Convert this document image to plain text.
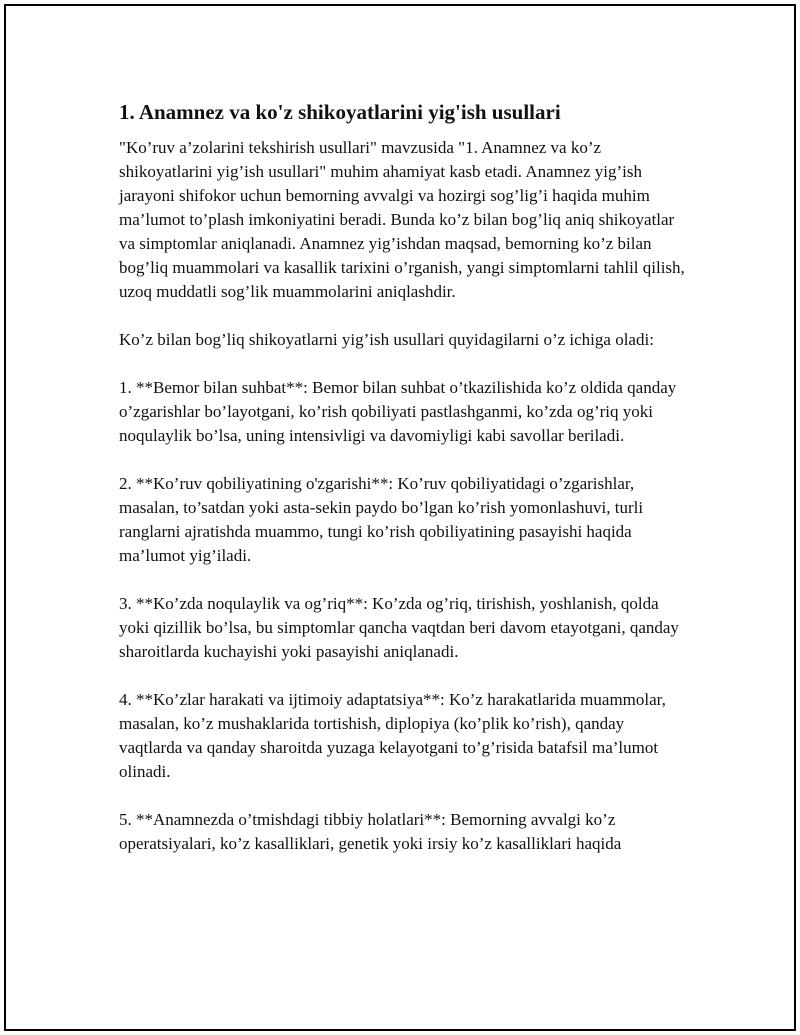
1. Anamnez va ko'z shikoyatlarini yig'ish usullari

"Ko’ruv a’zolarini tekshirish usullari" mavzusida "1. Anamnez va ko’z shikoyatlarini yig’ish usullari" muhim ahamiyat kasb etadi. Anamnez yig’ish jarayoni shifokor uchun bemorning avvalgi va hozirgi sog’lig’i haqida muhim ma’lumot to’plash imkoniyatini beradi. Bunda ko’z bilan bog’liq aniq shikoyatlar va simptomlar aniqlanadi. Anamnez yig’ishdan maqsad, bemorning ko’z bilan bog’liq muammolari va kasallik tarixini o’rganish, yangi simptomlarni tahlil qilish, uzoq muddatli sog’lik muammolarini aniqlashdir.

Ko’z bilan bog’liq shikoyatlarni yig’ish usullari quyidagilarni o’z ichiga oladi:

1. **Bemor bilan suhbat**: Bemor bilan suhbat o’tkazilishida ko’z oldida qanday o’zgarishlar bo’layotgani, ko’rish qobiliyati pastlashganmi, ko’zda og’riq yoki noqulaylik bo’lsa, uning intensivligi va davomiyligi kabi savollar beriladi.

2. **Ko’ruv qobiliyatining o'zgarishi**: Ko’ruv qobiliyatidagi o’zgarishlar, masalan, to’satdan yoki asta-sekin paydo bo’lgan ko’rish yomonlashuvi, turli ranglarni ajratishda muammo, tungi ko’rish qobiliyatining pasayishi haqida ma’lumot yig’iladi.

3. **Ko’zda noqulaylik va og’riq**: Ko’zda og’riq, tirishish, yoshlanish, qolda yoki qizillik bo’lsa, bu simptomlar qancha vaqtdan beri davom etayotgani, qanday sharoitlarda kuchayishi yoki pasayishi aniqlanadi.

4. **Ko’zlar harakati va ijtimoiy adaptatsiya**: Ko’z harakatlarida muammolar, masalan, ko’z mushaklarida tortishish, diplopiya (ko’plik ko’rish), qanday vaqtlarda va qanday sharoitda yuzaga kelayotgani to’g’risida batafsil ma’lumot olinadi.

5. **Anamnezda o’tmishdagi tibbiy holatlari**: Bemorning avvalgi ko’z operatsiyalari, ko’z kasalliklari, genetik yoki irsiy ko’z kasalliklari haqida
